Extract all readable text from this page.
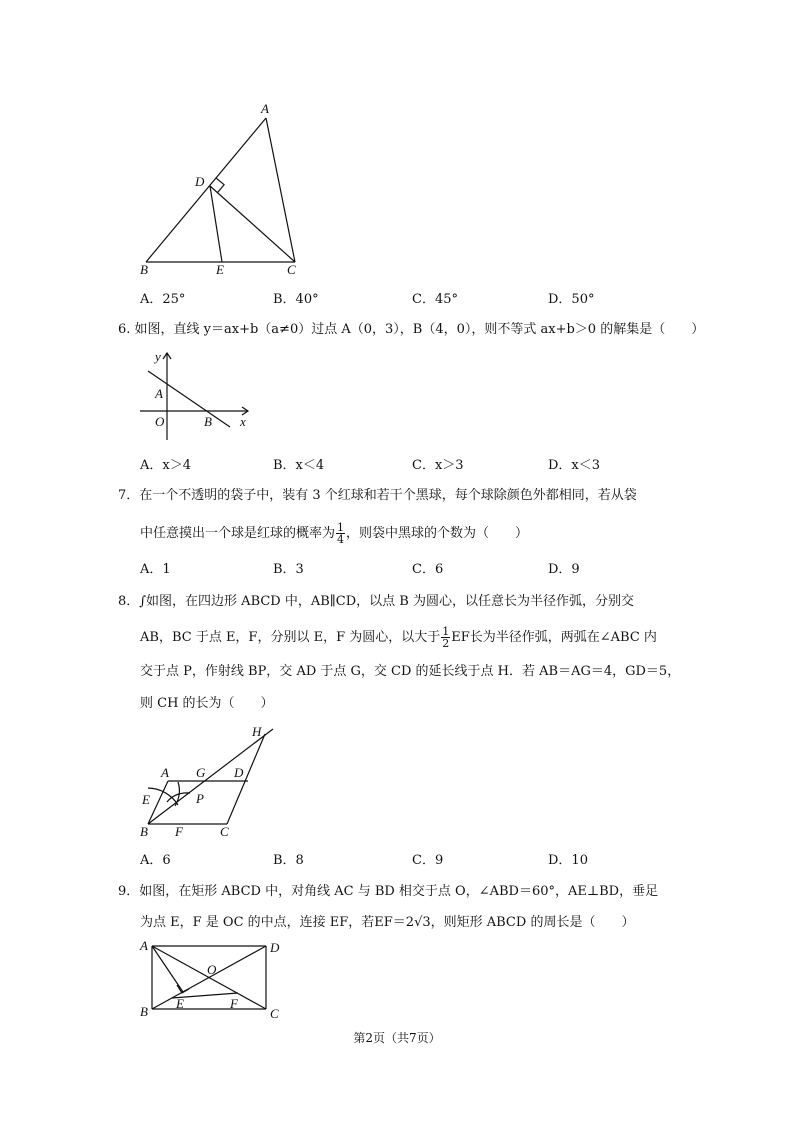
A
D
B	E	C
A．25°	B．40°	C．45°	D．50°
6. 如图，直线 y＝ax+b（a≠0）过点 A（0，3），B（4，0），则不等式 ax+b＞0 的解集是（　　）
y
A
O	B x
A．x＞4	B．x＜4	C．x＞3	D．x＜3
7．在一个不透明的袋子中，装有 3 个红球和若干个黑球，每个球除颜色外都相同，若从袋
中任意摸出一个球是红球的概率为 $\frac{1}{4}$ ，则袋中黑球的个数为（　　）
A．1	B．3	C．6	D．9
8．∫如图，在四边形 ABCD 中，AB∥CD，以点 B 为圆心，以任意长为半径作弧，分别交
AB，BC 于点 E，F，分别以 E，F 为圆心，以大于 $\frac{1}{2}$ EF长为半径作弧，两弧在∠ABC 内
交于点 P，作射线 BP，交 AD 于点 G，交 CD 的延长线于点 H．若 AB＝AG＝4，GD＝5，
则 CH 的长为（　　）
H
A G D
E	P
B F	C
A．6	B．8	C．9	D．10
9．如图，在矩形 ABCD 中，对角线 AC 与 BD 相交于点 O，∠ABD＝60°，AE⊥BD，垂足
为点 E，F 是 OC 的中点，连接 EF，若EF＝2√3，则矩形 ABCD 的周长是（　　）
A	D
O
B
E	F
C
第2页（共7页）
